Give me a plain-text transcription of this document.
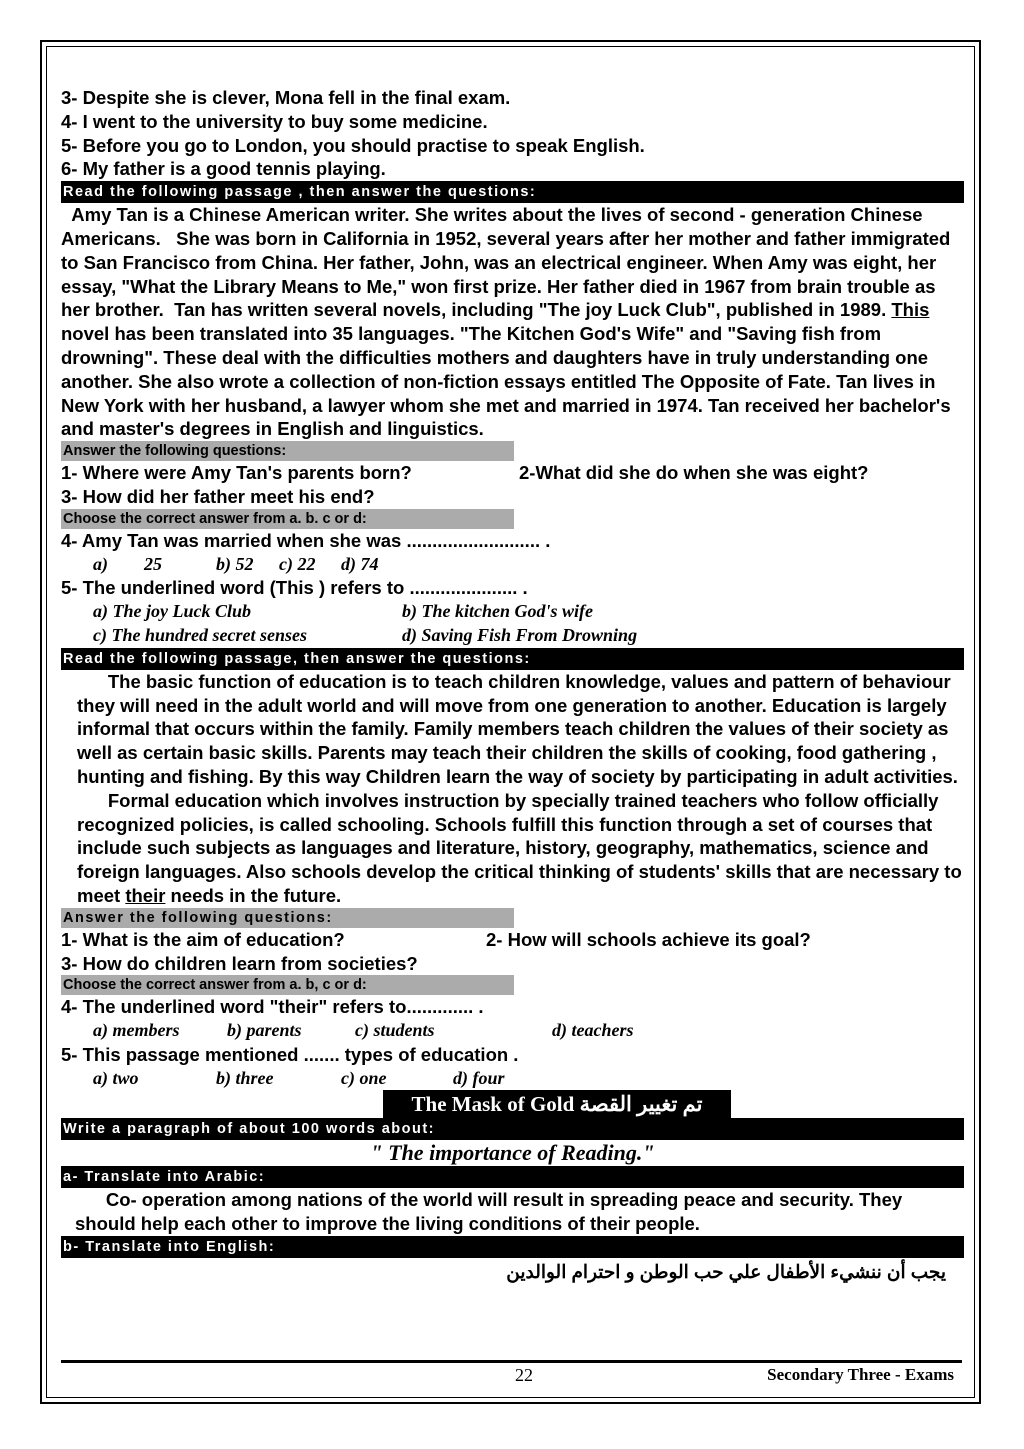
3- Despite she is clever, Mona fell in the final exam.
4- I went to the university to buy some medicine.
5- Before you go to London, you should practise to speak English.
6- My father is a good tennis playing.
Read the following passage , then answer the questions:
Amy Tan is a Chinese American writer. She writes about the lives of second - generation Chinese Americans.   She was born in California in 1952, several years after her mother and father immigrated to San Francisco from China. Her father, John, was an electrical engineer. When Amy was eight, her essay, "What the Library Means to Me," won first prize. Her father died in 1967 from brain trouble as her brother.  Tan has written several novels, including "The joy Luck Club", published in 1989. This novel has been translated into 35 languages. "The Kitchen God's Wife" and "Saving fish from drowning". These deal with the difficulties mothers and daughters have in truly understanding one another. She also wrote a collection of non-fiction essays entitled The Opposite of Fate. Tan lives in New York with her husband, a lawyer whom she met and married in 1974. Tan received her bachelor's and master's degrees in English and linguistics.
Answer the following questions:
1- Where were Amy Tan's parents born?	2-What did she do when she was eight?
3- How did her father meet his end?
Choose the correct answer from a. b. c or d:
4- Amy Tan was married when she was .......................... .
a)        25	b) 52 c) 22 d) 74
5- The underlined word (This ) refers to ..................... .
a) The joy Luck Club	b) The kitchen God's wife
c) The hundred secret senses	d) Saving Fish From Drowning
Read the following passage, then answer the questions:
The basic function of education is to teach children knowledge, values and pattern of behaviour they will need in the adult world and will move from one generation to another. Education is largely informal that occurs within the family. Family members teach children the values of their society as well as certain basic skills. Parents may teach their children the skills of cooking, food gathering , hunting and fishing. By this way Children learn the way of society by participating in adult activities.
Formal education which involves instruction by specially trained teachers who follow officially recognized policies, is called schooling. Schools fulfill this function through a set of courses that include such subjects as languages and literature, history, geography, mathematics, science and foreign languages. Also schools develop the critical thinking of students' skills that are necessary to meet their needs in the future.
Answer the following questions:
1- What is the aim of education?	2- How will schools achieve its goal?
3- How do children learn from societies?
Choose the correct answer from a. b, c or d:
4- The underlined word "their" refers to............. .
a) members	b) parents	c) students	d) teachers
5- This passage mentioned ....... types of education .
a) two	b) three	c) one	d) four
The Mask of Gold تم تغيير القصة
Write a paragraph of about 100 words about:
" The importance of Reading."
a- Translate into Arabic:
Co- operation among nations of the world will result in spreading peace and security. They should help each other to improve the living conditions of their people.
b- Translate into English:
يجب أن ننشيء الأطفال علي حب الوطن و احترام الوالدين
22	Secondary Three - Exams
